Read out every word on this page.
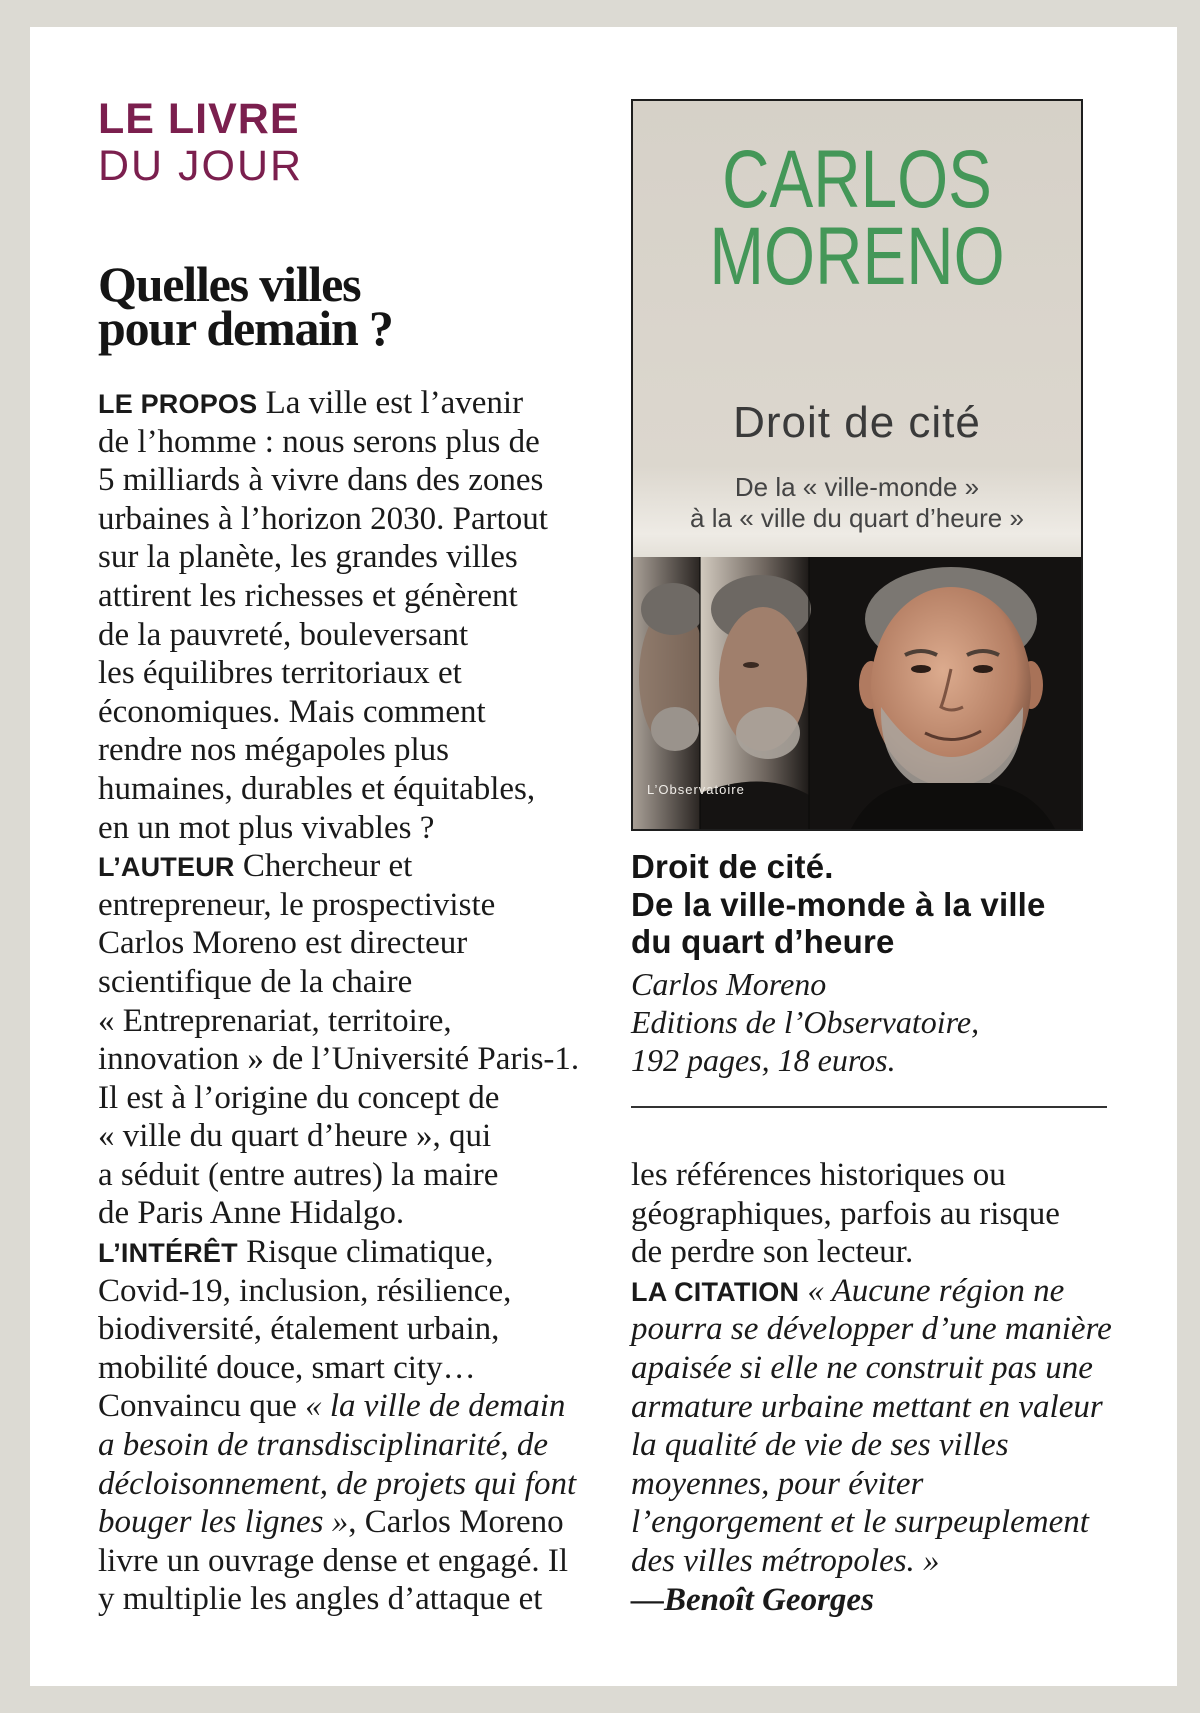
LE LIVRE
DU JOUR
Quelles villes
pour demain ?
LE PROPOS La ville est l’avenir
de l’homme : nous serons plus de
5 milliards à vivre dans des zones
urbaines à l’horizon 2030. Partout
sur la planète, les grandes villes
attirent les richesses et génèrent
de la pauvreté, bouleversant
les équilibres territoriaux et
économiques. Mais comment
rendre nos mégapoles plus
humaines, durables et équitables,
en un mot plus vivables ?
L’AUTEUR Chercheur et
entrepreneur, le prospectiviste
Carlos Moreno est directeur
scientifique de la chaire
« Entreprenariat, territoire,
innovation » de l’Université Paris-1.
Il est à l’origine du concept de
« ville du quart d’heure », qui
a séduit (entre autres) la maire
de Paris Anne Hidalgo.
L’INTÉRÊT Risque climatique,
Covid-19, inclusion, résilience,
biodiversité, étalement urbain,
mobilité douce, smart city…
Convaincu que « la ville de demain
a besoin de transdisciplinarité, de
décloisonnement, de projets qui font
bouger les lignes », Carlos Moreno
livre un ouvrage dense et engagé. Il
y multiplie les angles d’attaque et
CARLOS
MORENO
Droit de cité
De la « ville-monde »
à la « ville du quart d’heure »
L’Observatoire
Droit de cité.
De la ville-monde à la ville
du quart d’heure
Carlos Moreno
Editions de l’Observatoire,
192 pages, 18 euros.
les références historiques ou
géographiques, parfois au risque
de perdre son lecteur.
LA CITATION « Aucune région ne
pourra se développer d’une manière
apaisée si elle ne construit pas une
armature urbaine mettant en valeur
la qualité de vie de ses villes
moyennes, pour éviter
l’engorgement et le surpeuplement
des villes métropoles. »
—Benoît Georges
